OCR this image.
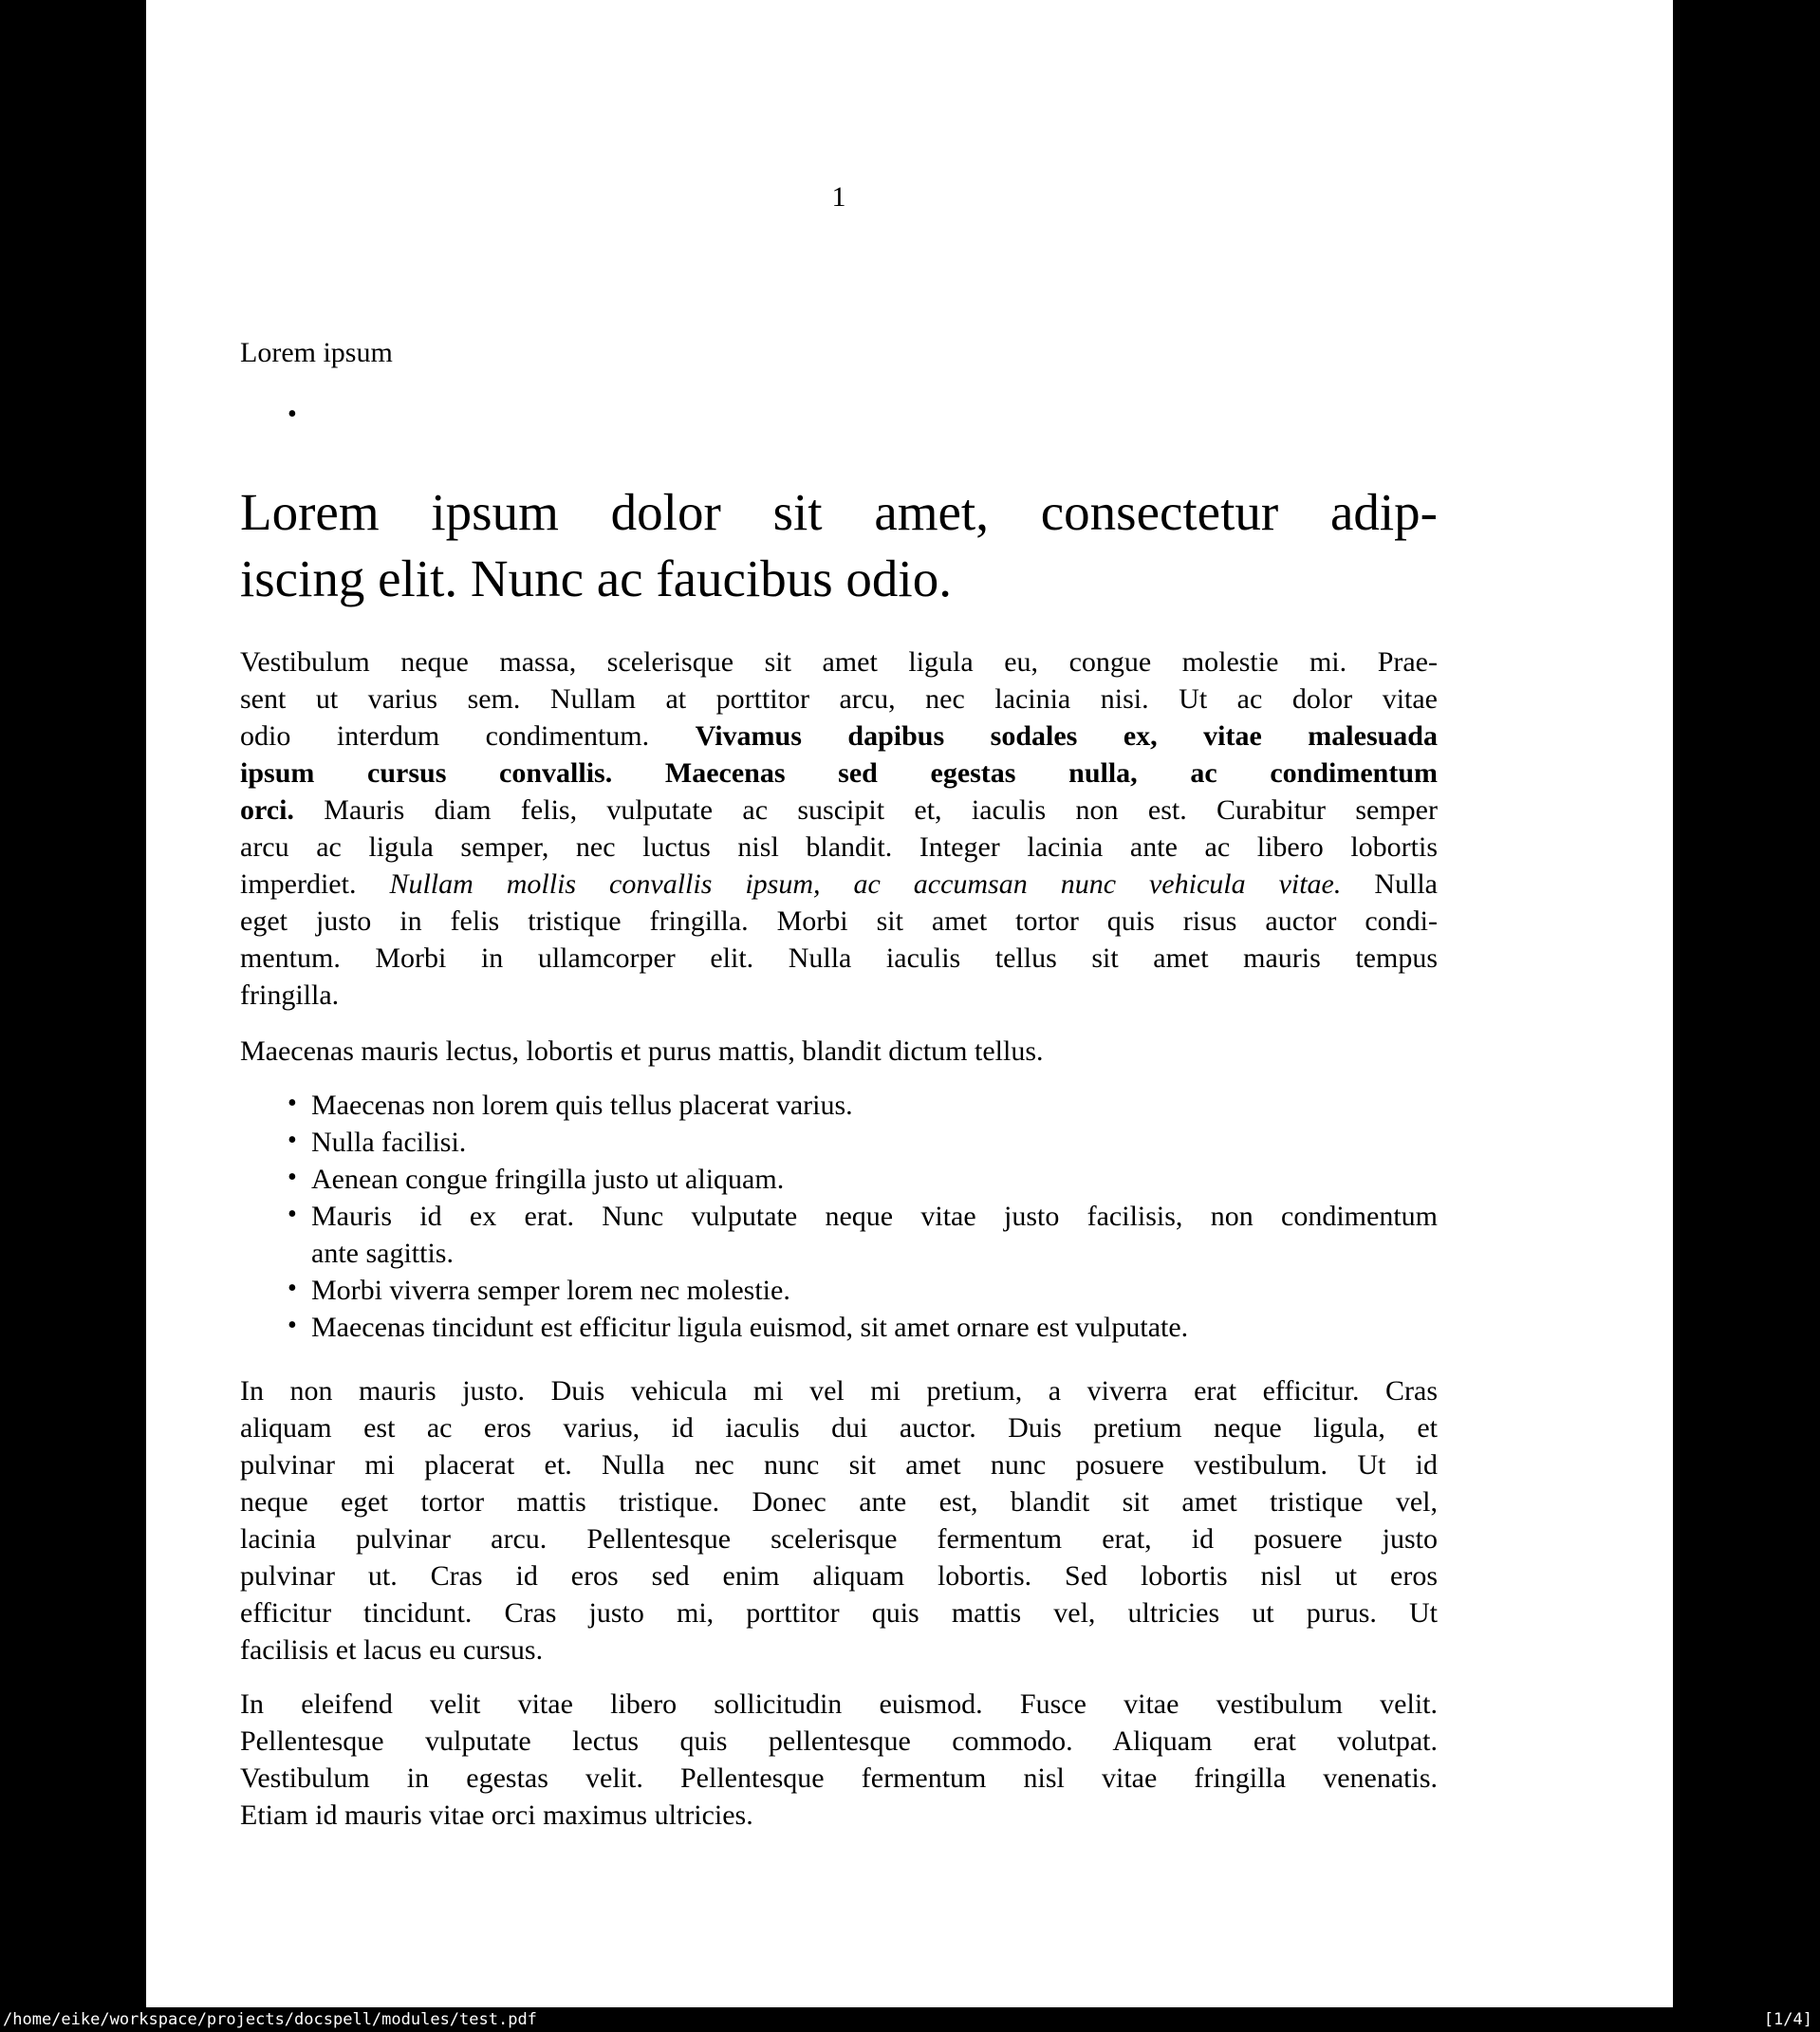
1
Lorem ipsum
•
Lorem ipsum dolor sit amet, consectetur adip-
iscing elit. Nunc ac faucibus odio.
Vestibulum neque massa, scelerisque sit amet ligula eu, congue molestie mi. Prae-
sent ut varius sem. Nullam at porttitor arcu, nec lacinia nisi. Ut ac dolor vitae
odio interdum condimentum. Vivamus dapibus sodales ex, vitae malesuada
ipsum cursus convallis. Maecenas sed egestas nulla, ac condimentum
orci. Mauris diam felis, vulputate ac suscipit et, iaculis non est. Curabitur semper
arcu ac ligula semper, nec luctus nisl blandit. Integer lacinia ante ac libero lobortis
imperdiet. Nullam mollis convallis ipsum, ac accumsan nunc vehicula vitae. Nulla
eget justo in felis tristique fringilla. Morbi sit amet tortor quis risus auctor condi-
mentum. Morbi in ullamcorper elit. Nulla iaculis tellus sit amet mauris tempus
fringilla.
Maecenas mauris lectus, lobortis et purus mattis, blandit dictum tellus.
• Maecenas non lorem quis tellus placerat varius.
• Nulla facilisi.
• Aenean congue fringilla justo ut aliquam.
• Mauris id ex erat. Nunc vulputate neque vitae justo facilisis, non condimentum
ante sagittis.
• Morbi viverra semper lorem nec molestie.
• Maecenas tincidunt est efficitur ligula euismod, sit amet ornare est vulputate.
In non mauris justo. Duis vehicula mi vel mi pretium, a viverra erat efficitur. Cras
aliquam est ac eros varius, id iaculis dui auctor. Duis pretium neque ligula, et
pulvinar mi placerat et. Nulla nec nunc sit amet nunc posuere vestibulum. Ut id
neque eget tortor mattis tristique. Donec ante est, blandit sit amet tristique vel,
lacinia pulvinar arcu. Pellentesque scelerisque fermentum erat, id posuere justo
pulvinar ut. Cras id eros sed enim aliquam lobortis. Sed lobortis nisl ut eros
efficitur tincidunt. Cras justo mi, porttitor quis mattis vel, ultricies ut purus. Ut
facilisis et lacus eu cursus.
In eleifend velit vitae libero sollicitudin euismod. Fusce vitae vestibulum velit.
Pellentesque vulputate lectus quis pellentesque commodo. Aliquam erat volutpat.
Vestibulum in egestas velit. Pellentesque fermentum nisl vitae fringilla venenatis.
Etiam id mauris vitae orci maximus ultricies.
/home/eike/workspace/projects/docspell/modules/test.pdf	[1/4]
